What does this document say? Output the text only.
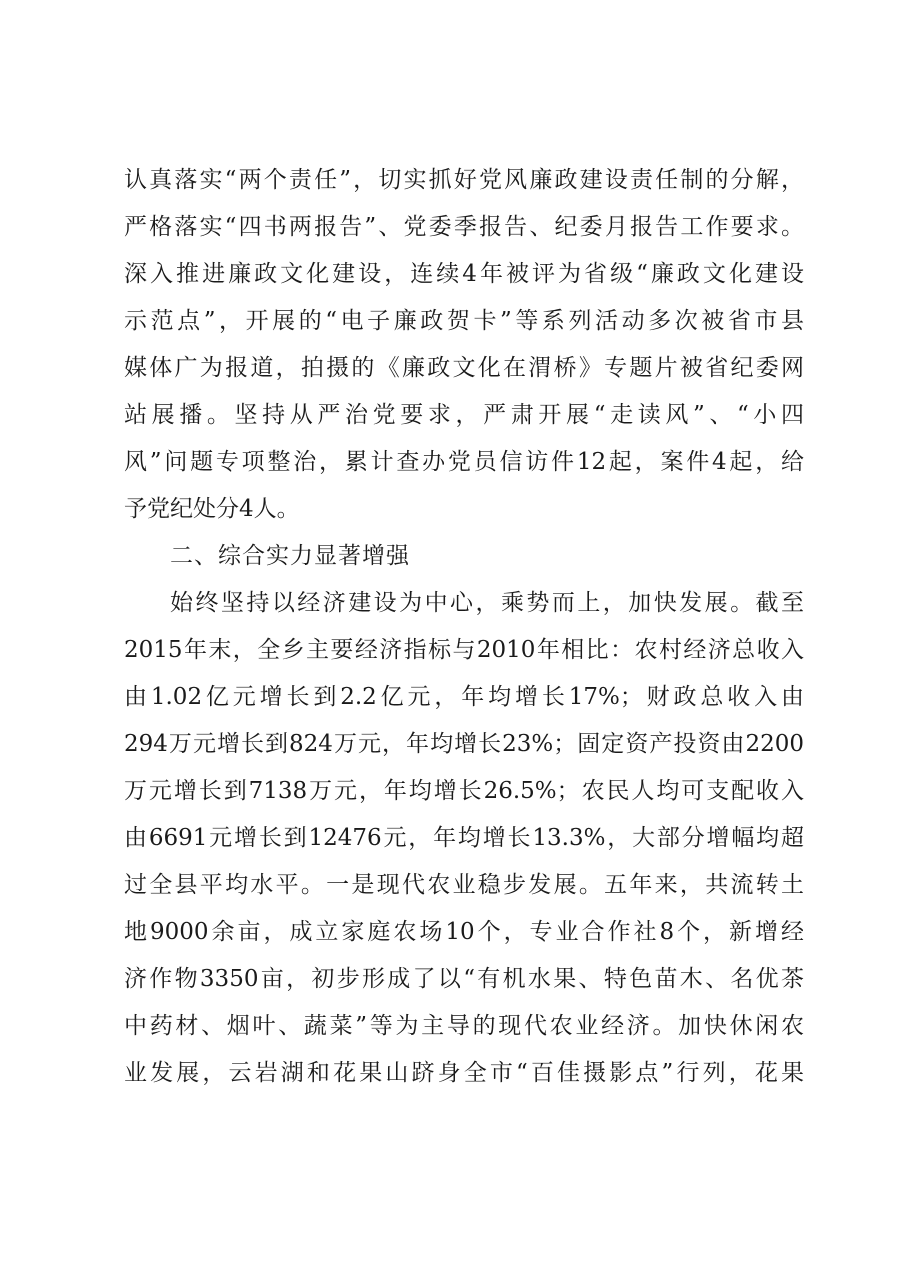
认真落实“两个责任”，切实抓好党风廉政建设责任制的分解，
严格落实“四书两报告”、党委季报告、纪委月报告工作要求。
深入推进廉政文化建设，连续4年被评为省级“廉政文化建设
示范点”，开展的“电子廉政贺卡”等系列活动多次被省市县
媒体广为报道，拍摄的《廉政文化在渭桥》专题片被省纪委网
站展播。坚持从严治党要求，严肃开展“走读风”、“小四
风”问题专项整治，累计查办党员信访件12起，案件4起，给
予党纪处分4人。
二、综合实力显著增强
始终坚持以经济建设为中心，乘势而上，加快发展。截至
2015年末，全乡主要经济指标与2010年相比：农村经济总收入
由1.02亿元增长到2.2亿元，年均增长17%；财政总收入由
294万元增长到824万元，年均增长23%；固定资产投资由2200
万元增长到7138万元，年均增长26.5%；农民人均可支配收入
由6691元增长到12476元，年均增长13.3%，大部分增幅均超
过全县平均水平。一是现代农业稳步发展。五年来，共流转土
地9000余亩，成立家庭农场10个，专业合作社8个，新增经
济作物3350亩，初步形成了以“有机水果、特色苗木、名优茶
中药材、烟叶、蔬菜”等为主导的现代农业经济。加快休闲农
业发展，云岩湖和花果山跻身全市“百佳摄影点”行列，花果
